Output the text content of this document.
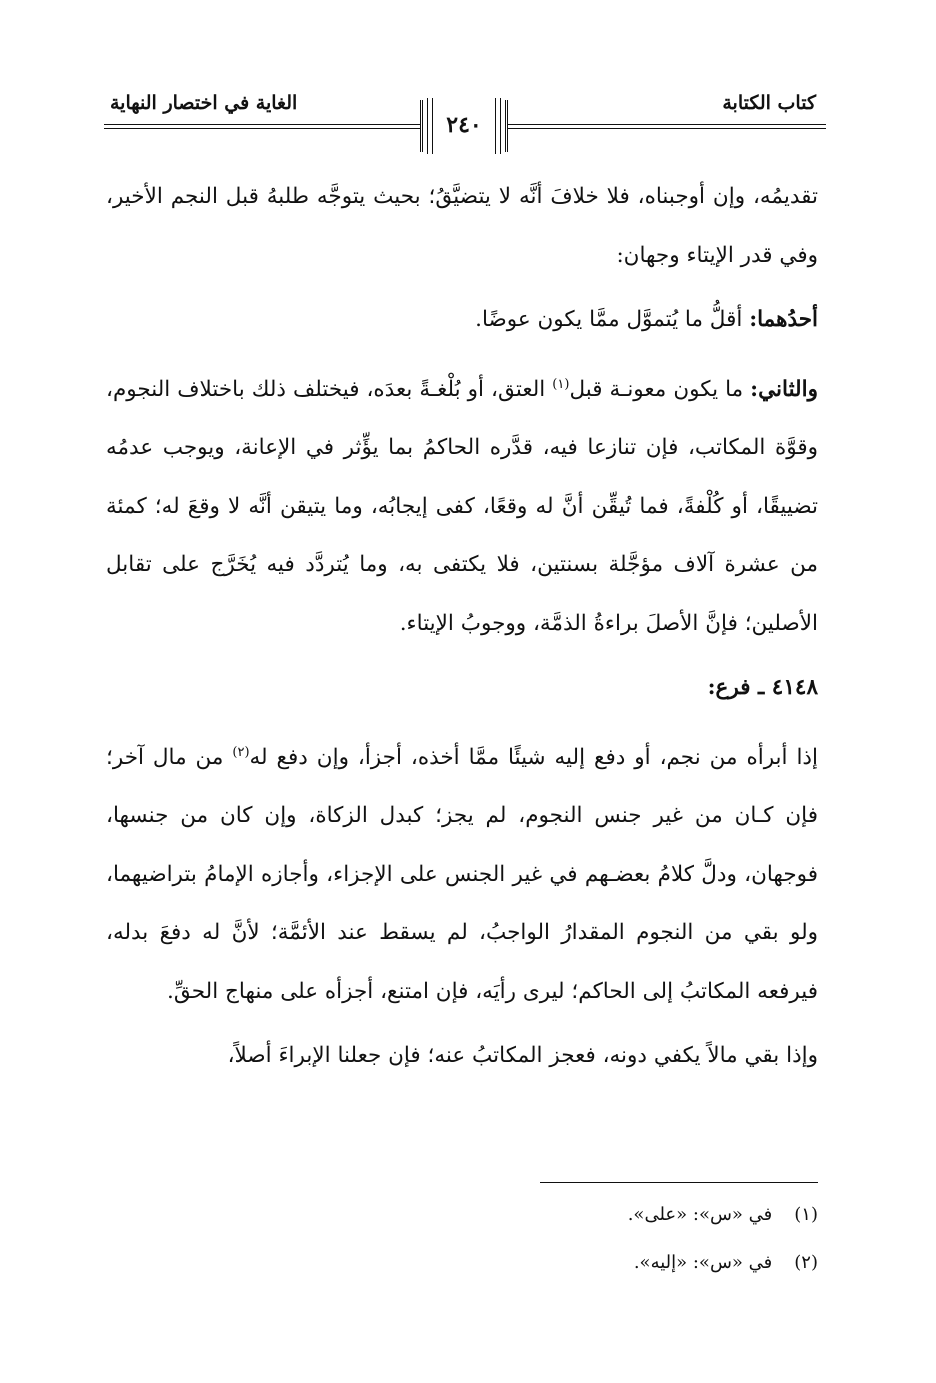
كتاب الكتابة
الغاية في اختصار النهاية
٢٤٠

تقديمُه، وإن أوجبناه، فلا خلافَ أنَّه لا يتضيَّقُ؛ بحيث يتوجَّه طلبهُ قبل النجم الأخير، وفي قدر الإيتاء وجهان:

أحدُهما: أقلُّ ما يُتموَّل ممَّا يكون عوضًا.

والثاني: ما يكون معونـة قبل$^{(١)}$ العتق، أو بُلْغـةً بعدَه، فيختلف ذلك باختلاف النجوم، وقوَّة المكاتب، فإن تنازعا فيه، قدَّره الحاكمُ بما يؤِّثر في الإعانة، ويوجب عدمُه تضييقًا، أو كُلْفةً، فما تُيقِّن أنَّ له وقعًا، كفى إيجابُه، وما يتيقن أنَّه لا وقعَ له؛ كمئة من عشرة آلاف مؤجَّلة بسنتين، فلا يكتفى به، وما يُتردَّد فيه يُخَرَّج على تقابل الأصلين؛ فإنَّ الأصلَ براءةُ الذمَّة، ووجوبُ الإيتاء.

٤١٤٨ ـ فرع:

إذا أبرأه من نجم، أو دفع إليه شيئًا ممَّا أخذه، أجزأ، وإن دفع له$^{(٢)}$ من مال آخر؛ فإن كـان من غير جنس النجوم، لم يجز؛ كبدل الزكاة، وإن كان من جنسها، فوجهان، ودلَّ كلامُ بعضـهم في غير الجنس على الإجزاء، وأجازه الإمامُ بتراضيهما، ولو بقي من النجوم المقدارُ الواجبُ، لم يسقط عند الأئمَّة؛ لأنَّ له دفعَ بدله، فيرفعه المكاتبُ إلى الحاكم؛ ليرى رأيَه، فإن امتنع، أجزأه على منهاج الحقِّ.

وإذا بقي مالاً يكفي دونه، فعجز المكاتبُ عنه؛ فإن جعلنا الإبراءَ أصلاً،

(١) في «س»: «على».
(٢) في «س»: «إليه».
